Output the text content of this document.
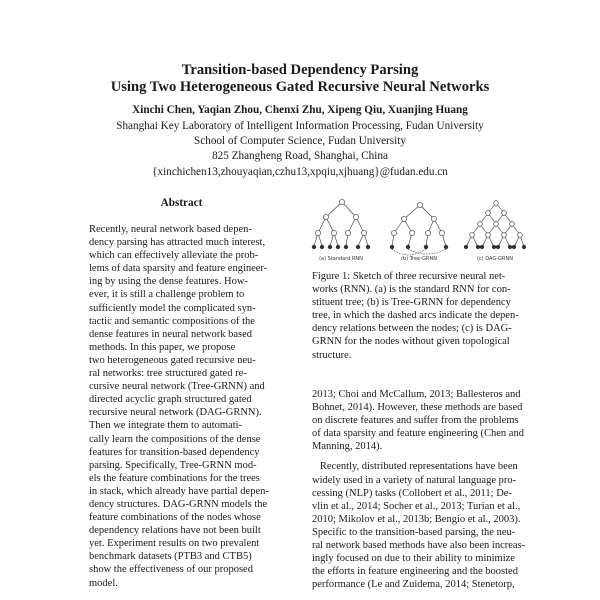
Transition-based Dependency Parsing
Using Two Heterogeneous Gated Recursive Neural Networks
Xinchi Chen, Yaqian Zhou, Chenxi Zhu, Xipeng Qiu, Xuanjing Huang
Shanghai Key Laboratory of Intelligent Information Processing, Fudan University
School of Computer Science, Fudan University
825 Zhangheng Road, Shanghai, China
{xinchichen13,zhouyaqian,czhu13,xpqiu,xjhuang}@fudan.edu.cn
Abstract
Recently, neural network based depen-
dency parsing has attracted much interest,
which can effectively alleviate the prob-
lems of data sparsity and feature engineer-
ing by using the dense features. How-
ever, it is still a challenge problem to
sufficiently model the complicated syn-
tactic and semantic compositions of the
dense features in neural network based
methods. In this paper, we propose
two heterogeneous gated recursive neu-
ral networks: tree structured gated re-
cursive neural network (Tree-GRNN) and
directed acyclic graph structured gated
recursive neural network (DAG-GRNN).
Then we integrate them to automati-
cally learn the compositions of the dense
features for transition-based dependency
parsing. Specifically, Tree-GRNN mod-
els the feature combinations for the trees
in stack, which already have partial depen-
dency structures. DAG-GRNN models the
feature combinations of the nodes whose
dependency relations have not been built
yet. Experiment results on two prevalent
benchmark datasets (PTB3 and CTB5)
show the effectiveness of our proposed
model.
(a) Standard RNN	(b) Tree-GRNN	(c) DAG-GRNN
Figure 1: Sketch of three recursive neural net-
works (RNN). (a) is the standard RNN for con-
stituent tree; (b) is Tree-GRNN for dependency
tree, in which the dashed arcs indicate the depen-
dency relations between the nodes; (c) is DAG-
GRNN for the nodes without given topological
structure.
2013; Choi and McCallum, 2013; Ballesteros and
Bohnet, 2014). However, these methods are based
on discrete features and suffer from the problems
of data sparsity and feature engineering (Chen and
Manning, 2014).
Recently, distributed representations have been
widely used in a variety of natural language pro-
cessing (NLP) tasks (Collobert et al., 2011; De-
vlin et al., 2014; Socher et al., 2013; Turian et al.,
2010; Mikolov et al., 2013b; Bengio et al., 2003).
Specific to the transition-based parsing, the neu-
ral network based methods have also been increas-
ingly focused on due to their ability to minimize
the efforts in feature engineering and the boosted
performance (Le and Zuidema, 2014; Stenetorp,
